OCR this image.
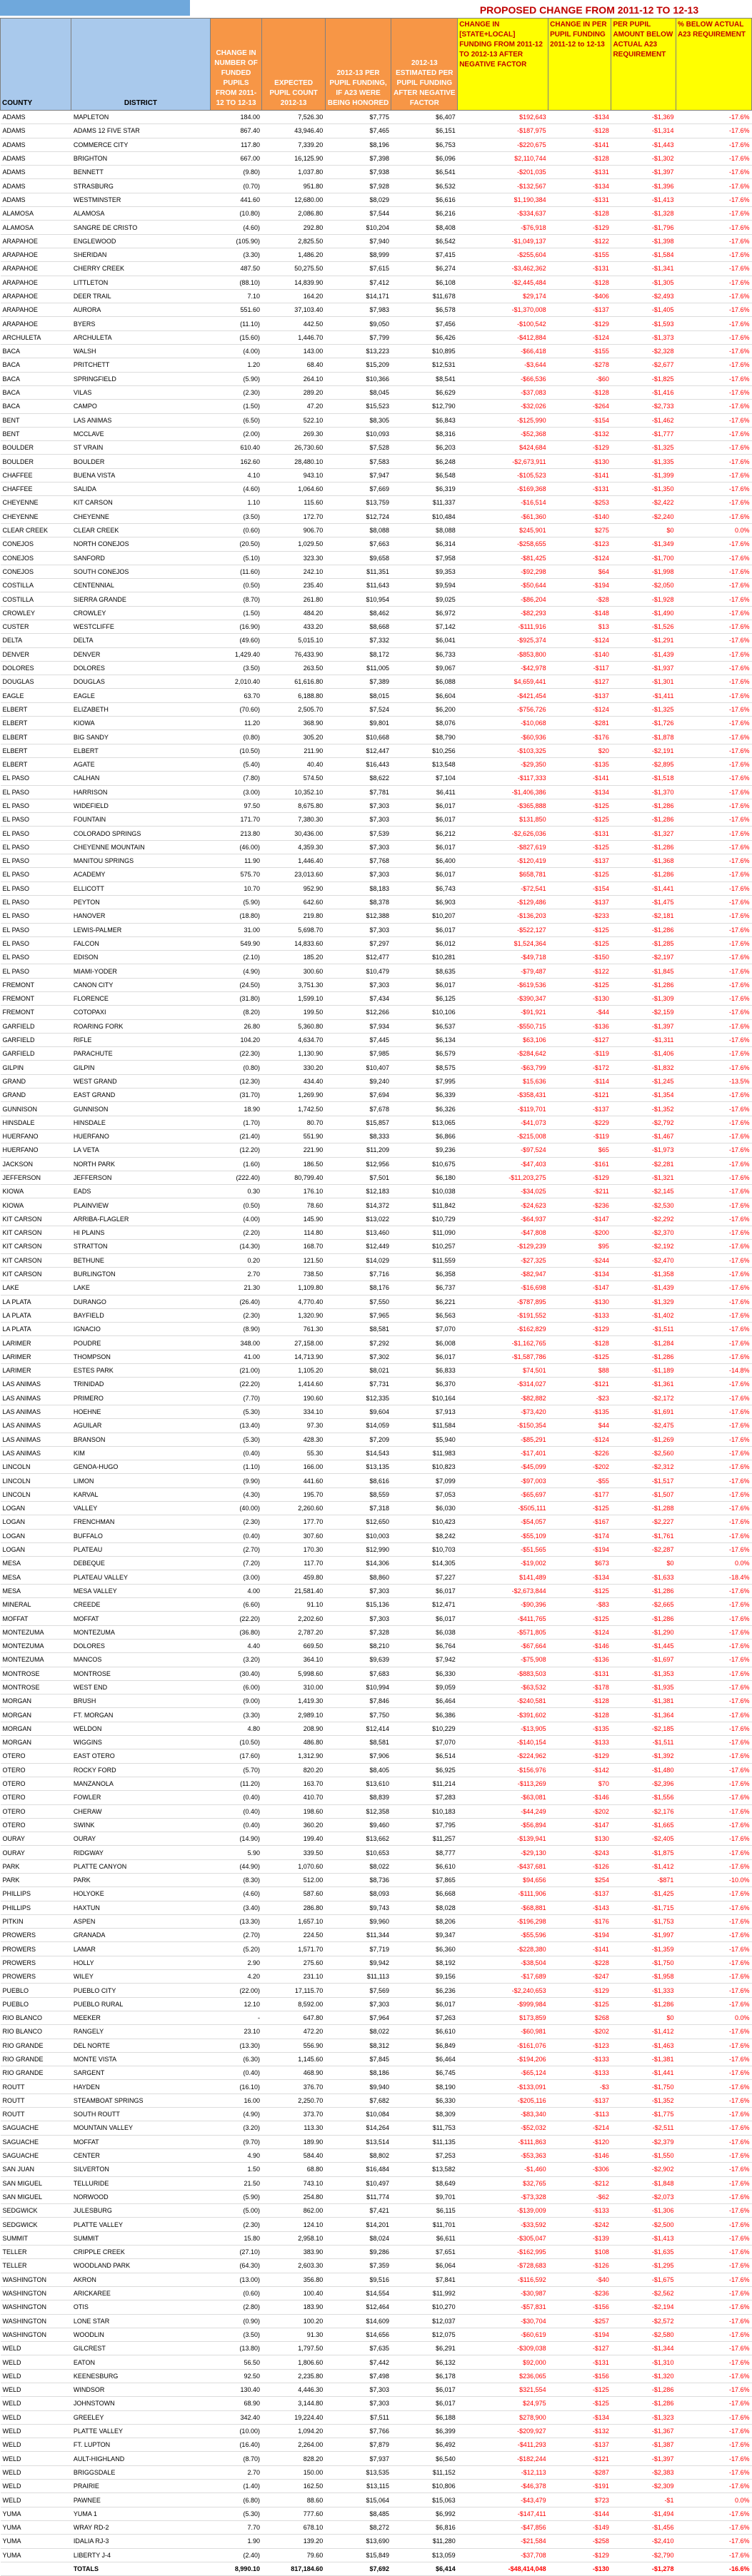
PROPOSED CHANGE FROM 2011-12 TO 12-13
COUNTY	DISTRICT	CHANGE IN NUMBER OF FUNDED PUPILS FROM 2011-12 TO 12-13	EXPECTED PUPIL COUNT 2012-13	2012-13 PER PUPIL FUNDING, IF A23 WERE BEING HONORED	2012-13 ESTIMATED PER PUPIL FUNDING AFTER NEGATIVE FACTOR	CHANGE IN [STATE+LOCAL] FUNDING FROM 2011-12 TO 2012-13 AFTER NEGATIVE FACTOR	CHANGE IN PER PUPIL FUNDING 2011-12 to 12-13	PER PUPIL AMOUNT BELOW ACTUAL A23 REQUIREMENT	% BELOW ACTUAL A23 REQUIREMENT
ADAMS	MAPLETON	184.00	7,526.30	$7,775	$6,407	$192,643	-$134	-$1,369	-17.6%
ADAMS	ADAMS 12 FIVE STAR	867.40	43,946.40	$7,465	$6,151	-$187,975	-$128	-$1,314	-17.6%
ADAMS	COMMERCE CITY	117.80	7,339.20	$8,196	$6,753	-$220,675	-$141	-$1,443	-17.6%
ADAMS	BRIGHTON	667.00	16,125.90	$7,398	$6,096	$2,110,744	-$128	-$1,302	-17.6%
ADAMS	BENNETT	(9.80)	1,037.80	$7,938	$6,541	-$201,035	-$131	-$1,397	-17.6%
ADAMS	STRASBURG	(0.70)	951.80	$7,928	$6,532	-$132,567	-$134	-$1,396	-17.6%
ADAMS	WESTMINSTER	441.60	12,680.00	$8,029	$6,616	$1,190,384	-$131	-$1,413	-17.6%
ALAMOSA	ALAMOSA	(10.80)	2,086.80	$7,544	$6,216	-$334,637	-$128	-$1,328	-17.6%
ALAMOSA	SANGRE DE CRISTO	(4.60)	292.80	$10,204	$8,408	-$76,918	-$129	-$1,796	-17.6%
ARAPAHOE	ENGLEWOOD	(105.90)	2,825.50	$7,940	$6,542	-$1,049,137	-$122	-$1,398	-17.6%
ARAPAHOE	SHERIDAN	(3.30)	1,486.20	$8,999	$7,415	-$255,604	-$155	-$1,584	-17.6%
ARAPAHOE	CHERRY CREEK	487.50	50,275.50	$7,615	$6,274	-$3,462,362	-$131	-$1,341	-17.6%
ARAPAHOE	LITTLETON	(88.10)	14,839.90	$7,412	$6,108	-$2,445,484	-$128	-$1,305	-17.6%
ARAPAHOE	DEER TRAIL	7.10	164.20	$14,171	$11,678	$29,174	-$406	-$2,493	-17.6%
ARAPAHOE	AURORA	551.60	37,103.40	$7,983	$6,578	-$1,370,008	-$137	-$1,405	-17.6%
ARAPAHOE	BYERS	(11.10)	442.50	$9,050	$7,456	-$100,542	-$129	-$1,593	-17.6%
ARCHULETA	ARCHULETA	(15.60)	1,446.70	$7,799	$6,426	-$412,884	-$124	-$1,373	-17.6%
BACA	WALSH	(4.00)	143.00	$13,223	$10,895	-$66,418	-$155	-$2,328	-17.6%
BACA	PRITCHETT	1.20	68.40	$15,209	$12,531	-$3,644	-$278	-$2,677	-17.6%
BACA	SPRINGFIELD	(5.90)	264.10	$10,366	$8,541	-$66,536	-$60	-$1,825	-17.6%
BACA	VILAS	(2.30)	289.20	$8,045	$6,629	-$37,083	-$128	-$1,416	-17.6%
BACA	CAMPO	(1.50)	47.20	$15,523	$12,790	-$32,026	-$264	-$2,733	-17.6%
BENT	LAS ANIMAS	(6.50)	522.10	$8,305	$6,843	-$125,990	-$154	-$1,462	-17.6%
BENT	MCCLAVE	(2.00)	269.30	$10,093	$8,316	-$52,368	-$132	-$1,777	-17.6%
BOULDER	ST VRAIN	610.40	26,730.60	$7,528	$6,203	$424,684	-$129	-$1,325	-17.6%
BOULDER	BOULDER	162.60	28,480.10	$7,583	$6,248	-$2,673,911	-$130	-$1,335	-17.6%
CHAFFEE	BUENA VISTA	4.10	943.10	$7,947	$6,548	-$105,523	-$141	-$1,399	-17.6%
CHAFFEE	SALIDA	(4.60)	1,064.60	$7,669	$6,319	-$169,368	-$131	-$1,350	-17.6%
CHEYENNE	KIT CARSON	1.10	115.60	$13,759	$11,337	-$16,514	-$253	-$2,422	-17.6%
CHEYENNE	CHEYENNE	(3.50)	172.70	$12,724	$10,484	-$61,360	-$140	-$2,240	-17.6%
CLEAR CREEK	CLEAR CREEK	(0.60)	906.70	$8,088	$8,088	$245,901	$275	$0	0.0%
CONEJOS	NORTH CONEJOS	(20.50)	1,029.50	$7,663	$6,314	-$258,655	-$123	-$1,349	-17.6%
CONEJOS	SANFORD	(5.10)	323.30	$9,658	$7,958	-$81,425	-$124	-$1,700	-17.6%
CONEJOS	SOUTH CONEJOS	(11.60)	242.10	$11,351	$9,353	-$92,298	$64	-$1,998	-17.6%
COSTILLA	CENTENNIAL	(0.50)	235.40	$11,643	$9,594	-$50,644	-$194	-$2,050	-17.6%
COSTILLA	SIERRA GRANDE	(8.70)	261.80	$10,954	$9,025	-$86,204	-$28	-$1,928	-17.6%
CROWLEY	CROWLEY	(1.50)	484.20	$8,462	$6,972	-$82,293	-$148	-$1,490	-17.6%
CUSTER	WESTCLIFFE	(16.90)	433.20	$8,668	$7,142	-$111,916	$13	-$1,526	-17.6%
DELTA	DELTA	(49.60)	5,015.10	$7,332	$6,041	-$925,374	-$124	-$1,291	-17.6%
DENVER	DENVER	1,429.40	76,433.90	$8,172	$6,733	-$853,800	-$140	-$1,439	-17.6%
DOLORES	DOLORES	(3.50)	263.50	$11,005	$9,067	-$42,978	-$117	-$1,937	-17.6%
DOUGLAS	DOUGLAS	2,010.40	61,616.80	$7,389	$6,088	$4,659,441	-$127	-$1,301	-17.6%
EAGLE	EAGLE	63.70	6,188.80	$8,015	$6,604	-$421,454	-$137	-$1,411	-17.6%
ELBERT	ELIZABETH	(70.60)	2,505.70	$7,524	$6,200	-$756,726	-$124	-$1,325	-17.6%
ELBERT	KIOWA	11.20	368.90	$9,801	$8,076	-$10,068	-$281	-$1,726	-17.6%
ELBERT	BIG SANDY	(0.80)	305.20	$10,668	$8,790	-$60,936	-$176	-$1,878	-17.6%
ELBERT	ELBERT	(10.50)	211.90	$12,447	$10,256	-$103,325	$20	-$2,191	-17.6%
ELBERT	AGATE	(5.40)	40.40	$16,443	$13,548	-$29,350	-$135	-$2,895	-17.6%
EL PASO	CALHAN	(7.80)	574.50	$8,622	$7,104	-$117,333	-$141	-$1,518	-17.6%
EL PASO	HARRISON	(3.00)	10,352.10	$7,781	$6,411	-$1,406,386	-$134	-$1,370	-17.6%
EL PASO	WIDEFIELD	97.50	8,675.80	$7,303	$6,017	-$365,888	-$125	-$1,286	-17.6%
EL PASO	FOUNTAIN	171.70	7,380.30	$7,303	$6,017	$131,850	-$125	-$1,286	-17.6%
EL PASO	COLORADO SPRINGS	213.80	30,436.00	$7,539	$6,212	-$2,626,036	-$131	-$1,327	-17.6%
EL PASO	CHEYENNE MOUNTAIN	(46.00)	4,359.30	$7,303	$6,017	-$827,619	-$125	-$1,286	-17.6%
EL PASO	MANITOU SPRINGS	11.90	1,446.40	$7,768	$6,400	-$120,419	-$137	-$1,368	-17.6%
EL PASO	ACADEMY	575.70	23,013.60	$7,303	$6,017	$658,781	-$125	-$1,286	-17.6%
EL PASO	ELLICOTT	10.70	952.90	$8,183	$6,743	-$72,541	-$154	-$1,441	-17.6%
EL PASO	PEYTON	(5.90)	642.60	$8,378	$6,903	-$129,486	-$137	-$1,475	-17.6%
EL PASO	HANOVER	(18.80)	219.80	$12,388	$10,207	-$136,203	-$233	-$2,181	-17.6%
EL PASO	LEWIS-PALMER	31.00	5,698.70	$7,303	$6,017	-$522,127	-$125	-$1,286	-17.6%
EL PASO	FALCON	549.90	14,833.60	$7,297	$6,012	$1,524,364	-$125	-$1,285	-17.6%
EL PASO	EDISON	(2.10)	185.20	$12,477	$10,281	-$49,718	-$150	-$2,197	-17.6%
EL PASO	MIAMI-YODER	(4.90)	300.60	$10,479	$8,635	-$79,487	-$122	-$1,845	-17.6%
FREMONT	CANON CITY	(24.50)	3,751.30	$7,303	$6,017	-$619,536	-$125	-$1,286	-17.6%
FREMONT	FLORENCE	(31.80)	1,599.10	$7,434	$6,125	-$390,347	-$130	-$1,309	-17.6%
FREMONT	COTOPAXI	(8.20)	199.50	$12,266	$10,106	-$91,921	-$44	-$2,159	-17.6%
GARFIELD	ROARING FORK	26.80	5,360.80	$7,934	$6,537	-$550,715	-$136	-$1,397	-17.6%
GARFIELD	RIFLE	104.20	4,634.70	$7,445	$6,134	$63,106	-$127	-$1,311	-17.6%
GARFIELD	PARACHUTE	(22.30)	1,130.90	$7,985	$6,579	-$284,642	-$119	-$1,406	-17.6%
GILPIN	GILPIN	(0.80)	330.20	$10,407	$8,575	-$63,799	-$172	-$1,832	-17.6%
GRAND	WEST GRAND	(12.30)	434.40	$9,240	$7,995	$15,636	-$114	-$1,245	-13.5%
GRAND	EAST GRAND	(31.70)	1,269.90	$7,694	$6,339	-$358,431	-$121	-$1,354	-17.6%
GUNNISON	GUNNISON	18.90	1,742.50	$7,678	$6,326	-$119,701	-$137	-$1,352	-17.6%
HINSDALE	HINSDALE	(1.70)	80.70	$15,857	$13,065	-$41,073	-$229	-$2,792	-17.6%
HUERFANO	HUERFANO	(21.40)	551.90	$8,333	$6,866	-$215,008	-$119	-$1,467	-17.6%
HUERFANO	LA VETA	(12.20)	221.90	$11,209	$9,236	-$97,524	$65	-$1,973	-17.6%
JACKSON	NORTH PARK	(1.60)	186.50	$12,956	$10,675	-$47,403	-$161	-$2,281	-17.6%
JEFFERSON	JEFFERSON	(222.40)	80,799.40	$7,501	$6,180	-$11,203,275	-$129	-$1,321	-17.6%
KIOWA	EADS	0.30	176.10	$12,183	$10,038	-$34,025	-$211	-$2,145	-17.6%
KIOWA	PLAINVIEW	(0.50)	78.60	$14,372	$11,842	-$24,623	-$236	-$2,530	-17.6%
KIT CARSON	ARRIBA-FLAGLER	(4.00)	145.90	$13,022	$10,729	-$64,937	-$147	-$2,292	-17.6%
KIT CARSON	HI PLAINS	(2.20)	114.80	$13,460	$11,090	-$47,808	-$200	-$2,370	-17.6%
KIT CARSON	STRATTON	(14.30)	168.70	$12,449	$10,257	-$129,239	$95	-$2,192	-17.6%
KIT CARSON	BETHUNE	0.20	121.50	$14,029	$11,559	-$27,325	-$244	-$2,470	-17.6%
KIT CARSON	BURLINGTON	2.70	738.50	$7,716	$6,358	-$82,947	-$134	-$1,358	-17.6%
LAKE	LAKE	21.30	1,109.80	$8,176	$6,737	-$16,698	-$147	-$1,439	-17.6%
LA PLATA	DURANGO	(26.40)	4,770.40	$7,550	$6,221	-$787,895	-$130	-$1,329	-17.6%
LA PLATA	BAYFIELD	(2.30)	1,320.90	$7,965	$6,563	-$191,552	-$133	-$1,402	-17.6%
LA PLATA	IGNACIO	(8.90)	761.30	$8,581	$7,070	-$162,829	-$129	-$1,511	-17.6%
LARIMER	POUDRE	348.00	27,158.00	$7,292	$6,008	-$1,162,765	-$128	-$1,284	-17.6%
LARIMER	THOMPSON	41.00	14,713.90	$7,302	$6,017	-$1,587,786	-$125	-$1,286	-17.6%
LARIMER	ESTES PARK	(21.00)	1,105.20	$8,021	$6,833	$74,501	$88	-$1,189	-14.8%
LAS ANIMAS	TRINIDAD	(22.20)	1,414.60	$7,731	$6,370	-$314,027	-$121	-$1,361	-17.6%
LAS ANIMAS	PRIMERO	(7.70)	190.60	$12,335	$10,164	-$82,882	-$23	-$2,172	-17.6%
LAS ANIMAS	HOEHNE	(5.30)	334.10	$9,604	$7,913	-$73,420	-$135	-$1,691	-17.6%
LAS ANIMAS	AGUILAR	(13.40)	97.30	$14,059	$11,584	-$150,354	$44	-$2,475	-17.6%
LAS ANIMAS	BRANSON	(5.30)	428.30	$7,209	$5,940	-$85,291	-$124	-$1,269	-17.6%
LAS ANIMAS	KIM	(0.40)	55.30	$14,543	$11,983	-$17,401	-$226	-$2,560	-17.6%
LINCOLN	GENOA-HUGO	(1.10)	166.00	$13,135	$10,823	-$45,099	-$202	-$2,312	-17.6%
LINCOLN	LIMON	(9.90)	441.60	$8,616	$7,099	-$97,003	-$55	-$1,517	-17.6%
LINCOLN	KARVAL	(4.30)	195.70	$8,559	$7,053	-$65,697	-$177	-$1,507	-17.6%
LOGAN	VALLEY	(40.00)	2,260.60	$7,318	$6,030	-$505,111	-$125	-$1,288	-17.6%
LOGAN	FRENCHMAN	(2.30)	177.70	$12,650	$10,423	-$54,057	-$167	-$2,227	-17.6%
LOGAN	BUFFALO	(0.40)	307.60	$10,003	$8,242	-$55,109	-$174	-$1,761	-17.6%
LOGAN	PLATEAU	(2.70)	170.30	$12,990	$10,703	-$51,565	-$194	-$2,287	-17.6%
MESA	DEBEQUE	(7.20)	117.70	$14,306	$14,305	-$19,002	$673	$0	0.0%
MESA	PLATEAU VALLEY	(3.00)	459.80	$8,860	$7,227	$141,489	-$134	-$1,633	-18.4%
MESA	MESA VALLEY	4.00	21,581.40	$7,303	$6,017	-$2,673,844	-$125	-$1,286	-17.6%
MINERAL	CREEDE	(6.60)	91.10	$15,136	$12,471	-$90,396	-$83	-$2,665	-17.6%
MOFFAT	MOFFAT	(22.20)	2,202.60	$7,303	$6,017	-$411,765	-$125	-$1,286	-17.6%
MONTEZUMA	MONTEZUMA	(36.80)	2,787.20	$7,328	$6,038	-$571,805	-$124	-$1,290	-17.6%
MONTEZUMA	DOLORES	4.40	669.50	$8,210	$6,764	-$67,664	-$146	-$1,445	-17.6%
MONTEZUMA	MANCOS	(3.20)	364.10	$9,639	$7,942	-$75,908	-$136	-$1,697	-17.6%
MONTROSE	MONTROSE	(30.40)	5,998.60	$7,683	$6,330	-$883,503	-$131	-$1,353	-17.6%
MONTROSE	WEST END	(6.00)	310.00	$10,994	$9,059	-$63,532	-$178	-$1,935	-17.6%
MORGAN	BRUSH	(9.00)	1,419.30	$7,846	$6,464	-$240,581	-$128	-$1,381	-17.6%
MORGAN	FT. MORGAN	(3.30)	2,989.10	$7,750	$6,386	-$391,602	-$128	-$1,364	-17.6%
MORGAN	WELDON	4.80	208.90	$12,414	$10,229	-$13,905	-$135	-$2,185	-17.6%
MORGAN	WIGGINS	(10.50)	486.80	$8,581	$7,070	-$140,154	-$133	-$1,511	-17.6%
OTERO	EAST OTERO	(17.60)	1,312.90	$7,906	$6,514	-$224,962	-$129	-$1,392	-17.6%
OTERO	ROCKY FORD	(5.70)	820.20	$8,405	$6,925	-$156,976	-$142	-$1,480	-17.6%
OTERO	MANZANOLA	(11.20)	163.70	$13,610	$11,214	-$113,269	$70	-$2,396	-17.6%
OTERO	FOWLER	(0.40)	410.70	$8,839	$7,283	-$63,081	-$146	-$1,556	-17.6%
OTERO	CHERAW	(0.40)	198.60	$12,358	$10,183	-$44,249	-$202	-$2,176	-17.6%
OTERO	SWINK	(0.40)	360.20	$9,460	$7,795	-$56,894	-$147	-$1,665	-17.6%
OURAY	OURAY	(14.90)	199.40	$13,662	$11,257	-$139,941	$130	-$2,405	-17.6%
OURAY	RIDGWAY	5.90	339.50	$10,653	$8,777	-$29,130	-$243	-$1,875	-17.6%
PARK	PLATTE CANYON	(44.90)	1,070.60	$8,022	$6,610	-$437,681	-$126	-$1,412	-17.6%
PARK	PARK	(8.30)	512.00	$8,736	$7,865	$94,656	$254	-$871	-10.0%
PHILLIPS	HOLYOKE	(4.60)	587.60	$8,093	$6,668	-$111,906	-$137	-$1,425	-17.6%
PHILLIPS	HAXTUN	(3.40)	286.80	$9,743	$8,028	-$68,881	-$143	-$1,715	-17.6%
PITKIN	ASPEN	(13.30)	1,657.10	$9,960	$8,206	-$196,298	-$176	-$1,753	-17.6%
PROWERS	GRANADA	(2.70)	224.50	$11,344	$9,347	-$55,596	-$194	-$1,997	-17.6%
PROWERS	LAMAR	(5.20)	1,571.70	$7,719	$6,360	-$228,380	-$141	-$1,359	-17.6%
PROWERS	HOLLY	2.90	275.60	$9,942	$8,192	-$38,504	-$228	-$1,750	-17.6%
PROWERS	WILEY	4.20	231.10	$11,113	$9,156	-$17,689	-$247	-$1,958	-17.6%
PUEBLO	PUEBLO CITY	(22.00)	17,115.70	$7,569	$6,236	-$2,240,653	-$129	-$1,333	-17.6%
PUEBLO	PUEBLO RURAL	12.10	8,592.00	$7,303	$6,017	-$999,984	-$125	-$1,286	-17.6%
RIO BLANCO	MEEKER	-	647.80	$7,964	$7,263	$173,859	$268	$0	0.0%
RIO BLANCO	RANGELY	23.10	472.20	$8,022	$6,610	-$60,981	-$202	-$1,412	-17.6%
RIO GRANDE	DEL NORTE	(13.30)	556.90	$8,312	$6,849	-$161,076	-$123	-$1,463	-17.6%
RIO GRANDE	MONTE VISTA	(6.30)	1,145.60	$7,845	$6,464	-$194,206	-$133	-$1,381	-17.6%
RIO GRANDE	SARGENT	(0.40)	468.90	$8,186	$6,745	-$65,124	-$133	-$1,441	-17.6%
ROUTT	HAYDEN	(16.10)	376.70	$9,940	$8,190	-$133,091	-$3	-$1,750	-17.6%
ROUTT	STEAMBOAT SPRINGS	16.00	2,250.70	$7,682	$6,330	-$205,116	-$137	-$1,352	-17.6%
ROUTT	SOUTH ROUTT	(4.90)	373.70	$10,084	$8,309	-$83,340	-$113	-$1,775	-17.6%
SAGUACHE	MOUNTAIN VALLEY	(3.20)	113.30	$14,264	$11,753	-$52,032	-$214	-$2,511	-17.6%
SAGUACHE	MOFFAT	(9.70)	189.90	$13,514	$11,135	-$111,863	-$120	-$2,379	-17.6%
SAGUACHE	CENTER	4.90	584.40	$8,802	$7,253	-$53,363	-$146	-$1,550	-17.6%
SAN JUAN	SILVERTON	1.50	68.80	$16,484	$13,582	-$1,460	-$306	-$2,902	-17.6%
SAN MIGUEL	TELLURIDE	21.50	743.10	$10,497	$8,649	$32,765	-$212	-$1,848	-17.6%
SAN MIGUEL	NORWOOD	(5.90)	254.80	$11,774	$9,701	-$73,328	-$62	-$2,073	-17.6%
SEDGWICK	JULESBURG	(5.00)	862.00	$7,421	$6,115	-$139,009	-$133	-$1,306	-17.6%
SEDGWICK	PLATTE VALLEY	(2.30)	124.10	$14,201	$11,701	-$33,592	-$242	-$2,500	-17.6%
SUMMIT	SUMMIT	15.80	2,958.10	$8,024	$6,611	-$305,047	-$139	-$1,413	-17.6%
TELLER	CRIPPLE CREEK	(27.10)	383.90	$9,286	$7,651	-$162,995	$108	-$1,635	-17.6%
TELLER	WOODLAND PARK	(64.30)	2,603.30	$7,359	$6,064	-$728,683	-$126	-$1,295	-17.6%
WASHINGTON	AKRON	(13.00)	356.80	$9,516	$7,841	-$116,592	-$40	-$1,675	-17.6%
WASHINGTON	ARICKAREE	(0.60)	100.40	$14,554	$11,992	-$30,987	-$236	-$2,562	-17.6%
WASHINGTON	OTIS	(2.80)	183.90	$12,464	$10,270	-$57,831	-$156	-$2,194	-17.6%
WASHINGTON	LONE STAR	(0.90)	100.20	$14,609	$12,037	-$30,704	-$257	-$2,572	-17.6%
WASHINGTON	WOODLIN	(3.50)	91.30	$14,656	$12,075	-$60,619	-$194	-$2,580	-17.6%
WELD	GILCREST	(13.80)	1,797.50	$7,635	$6,291	-$309,038	-$127	-$1,344	-17.6%
WELD	EATON	56.50	1,806.60	$7,442	$6,132	$92,000	-$131	-$1,310	-17.6%
WELD	KEENESBURG	92.50	2,235.80	$7,498	$6,178	$236,065	-$156	-$1,320	-17.6%
WELD	WINDSOR	130.40	4,446.30	$7,303	$6,017	$321,554	-$125	-$1,286	-17.6%
WELD	JOHNSTOWN	68.90	3,144.80	$7,303	$6,017	$24,975	-$125	-$1,286	-17.6%
WELD	GREELEY	342.40	19,224.40	$7,511	$6,188	$278,900	-$134	-$1,323	-17.6%
WELD	PLATTE VALLEY	(10.00)	1,094.20	$7,766	$6,399	-$209,927	-$132	-$1,367	-17.6%
WELD	FT. LUPTON	(16.40)	2,264.00	$7,879	$6,492	-$411,293	-$137	-$1,387	-17.6%
WELD	AULT-HIGHLAND	(8.70)	828.20	$7,937	$6,540	-$182,244	-$121	-$1,397	-17.6%
WELD	BRIGGSDALE	2.70	150.00	$13,535	$11,152	-$12,113	-$287	-$2,383	-17.6%
WELD	PRAIRIE	(1.40)	162.50	$13,115	$10,806	-$46,378	-$191	-$2,309	-17.6%
WELD	PAWNEE	(6.80)	88.60	$15,064	$15,063	-$43,479	$723	-$1	0.0%
YUMA	YUMA 1	(5.30)	777.60	$8,485	$6,992	-$147,411	-$144	-$1,494	-17.6%
YUMA	WRAY RD-2	7.70	678.10	$8,272	$6,816	-$47,856	-$149	-$1,456	-17.6%
YUMA	IDALIA RJ-3	1.90	139.20	$13,690	$11,280	-$21,584	-$258	-$2,410	-17.6%
YUMA	LIBERTY J-4	(2.40)	79.60	$15,849	$13,059	-$37,708	-$129	-$2,790	-17.6%
	TOTALS	8,990.10	817,184.60	$7,692	$6,414	-$48,414,048	-$130	-$1,278	-16.6%
